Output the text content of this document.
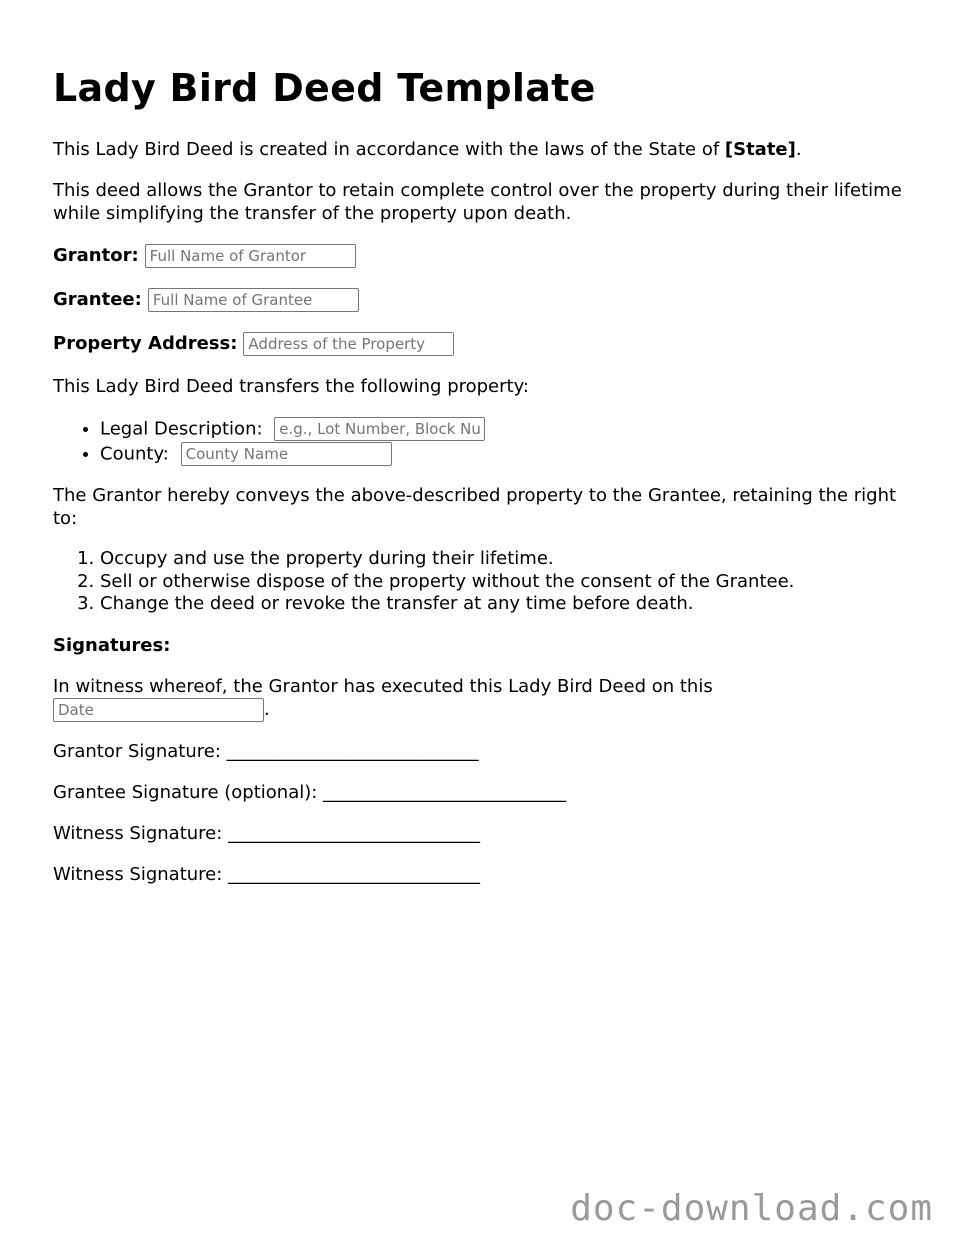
Lady Bird Deed Template

This Lady Bird Deed is created in accordance with the laws of the State of [State].

This deed allows the Grantor to retain complete control over the property during their lifetime while simplifying the transfer of the property upon death.

Grantor:
Full Name of Grantor
Grantee:
Full Name of Grantee
Property Address:
Address of the Property

This Lady Bird Deed transfers the following property:

• Legal Description: e.g., Lot Number, Block Number
• County: County Name

The Grantor hereby conveys the above-described property to the Grantee, retaining the right to:

1. Occupy and use the property during their lifetime.
2. Sell or otherwise dispose of the property without the consent of the Grantee.
3. Change the deed or revoke the transfer at any time before death.

Signatures:

In witness whereof, the Grantor has executed this Lady Bird Deed on this
Date.

Grantor Signature: ____________________________

Grantee Signature (optional): ___________________________

Witness Signature: ____________________________

Witness Signature: ____________________________

doc-download.com
